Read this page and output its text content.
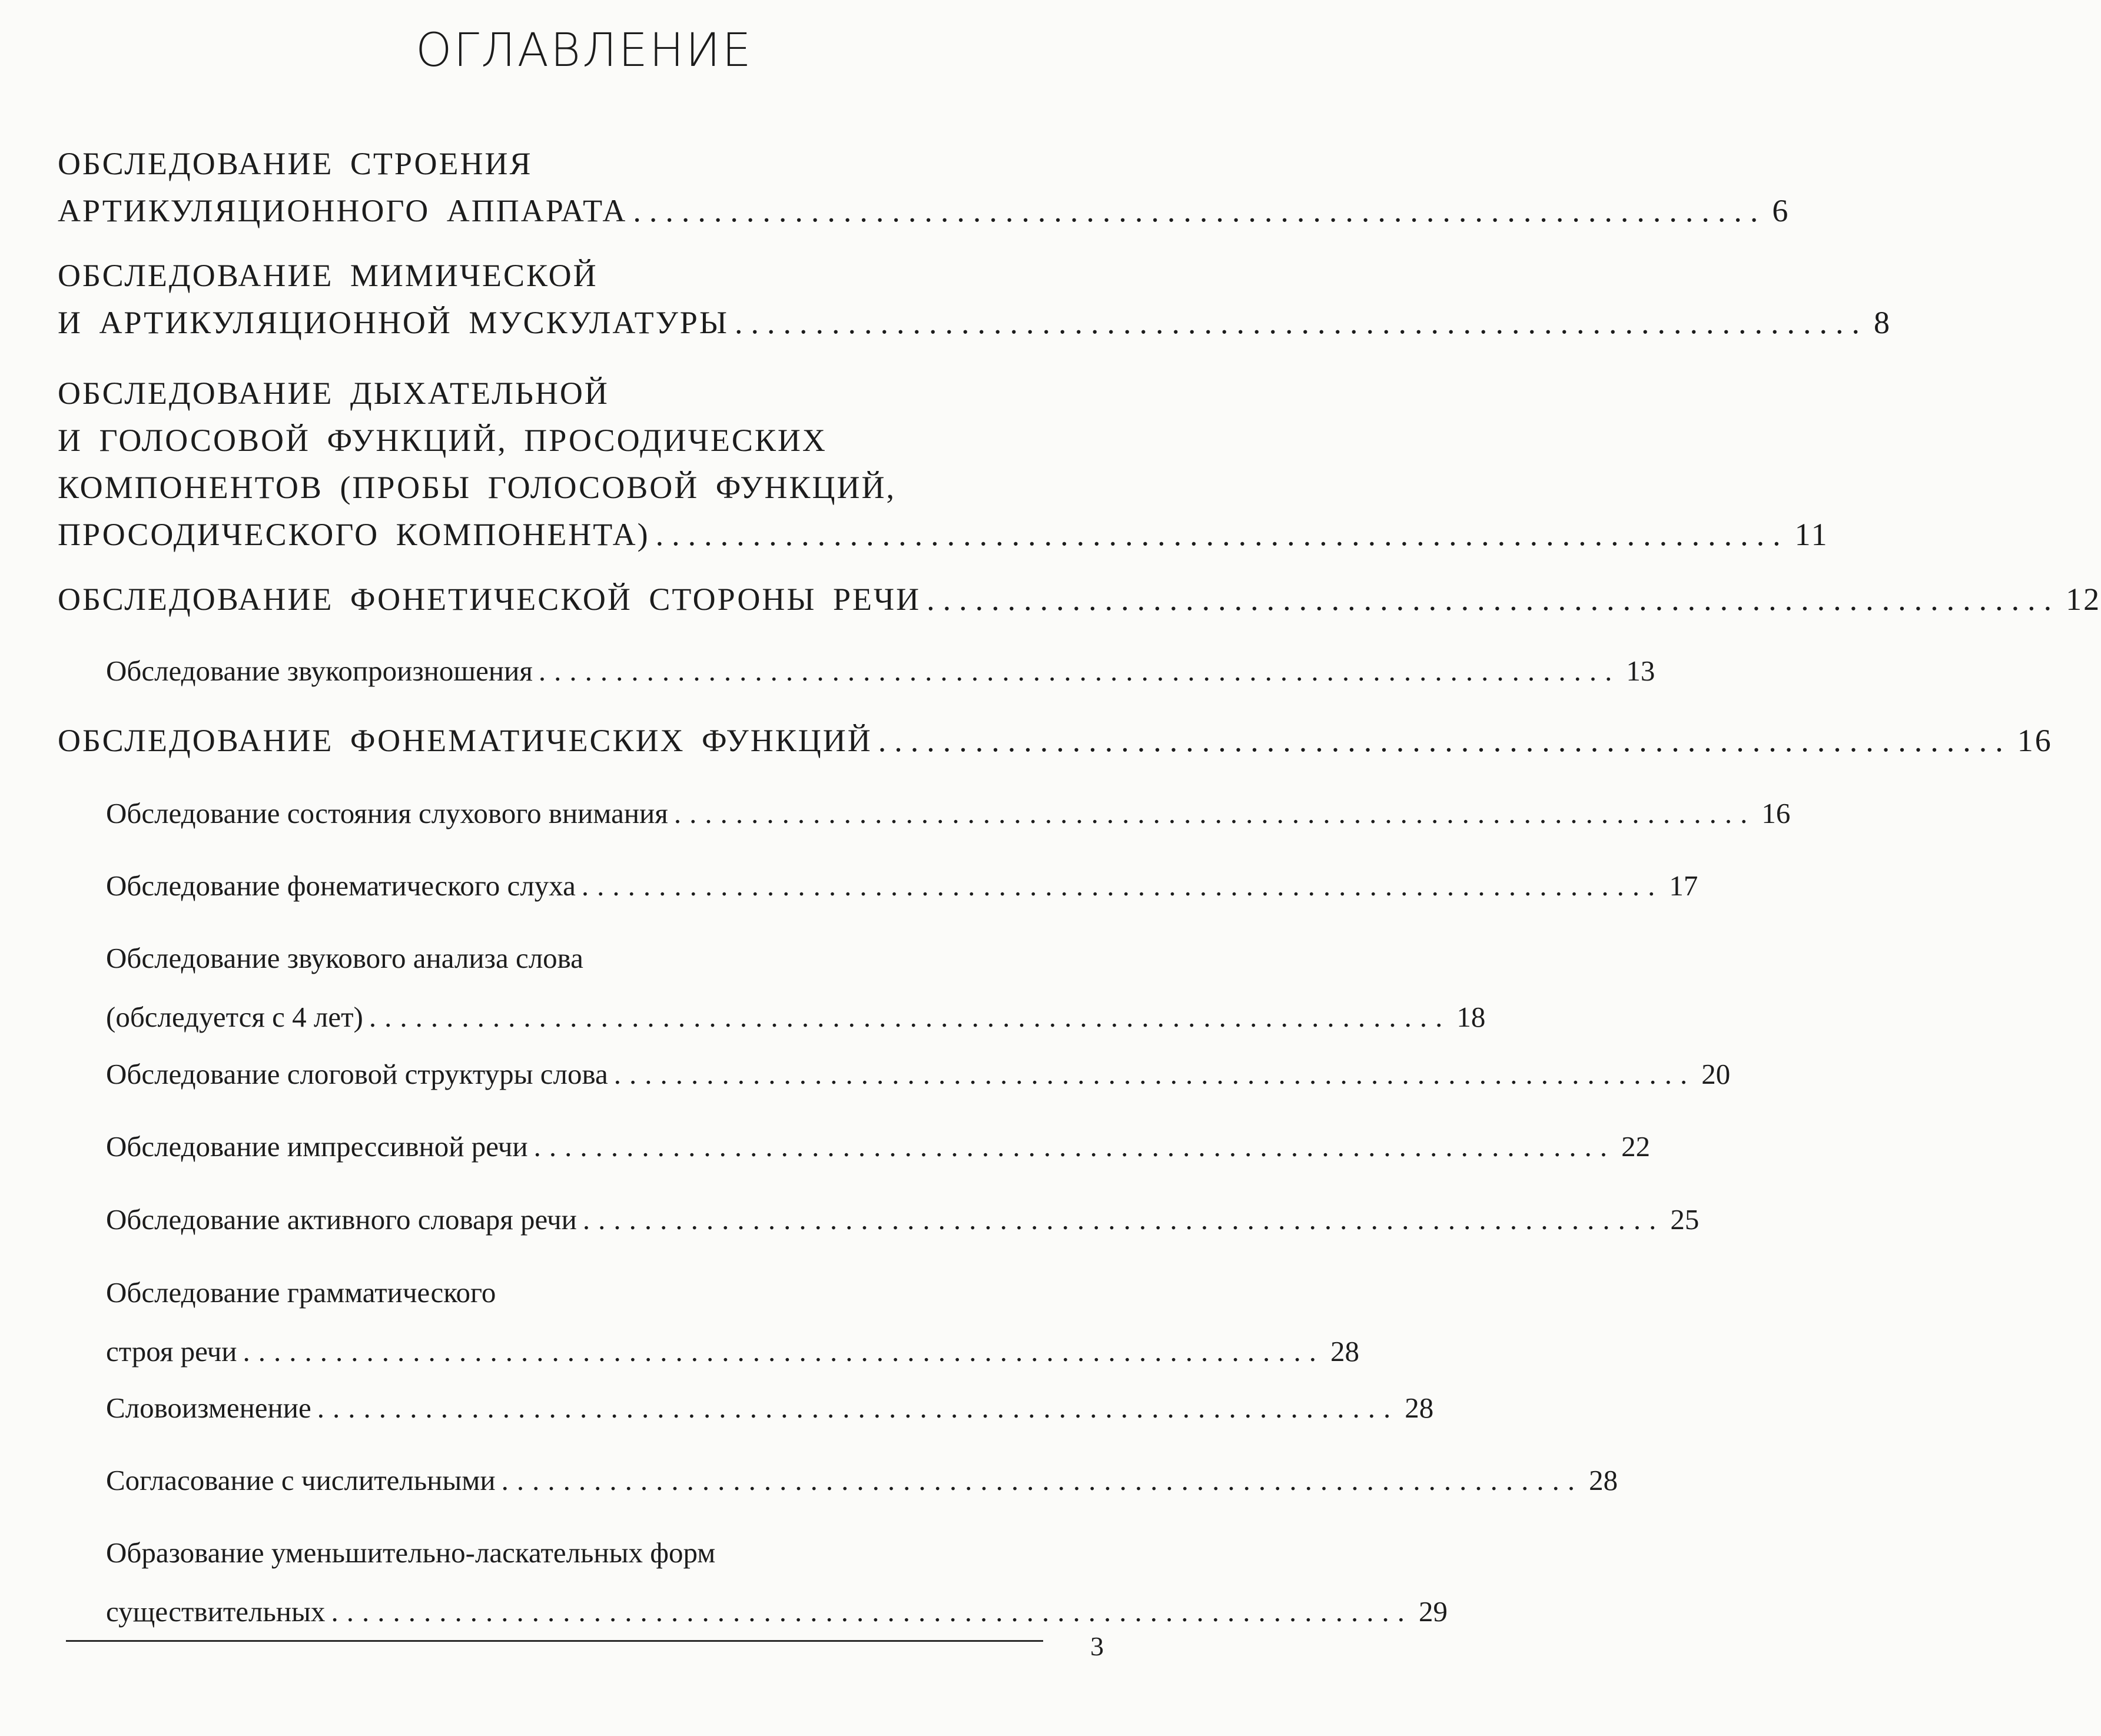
ОГЛАВЛЕНИЕ
ОБСЛЕДОВАНИЕ СТРОЕНИЯ
АРТИКУЛЯЦИОННОГО АППАРАТА ...................................................................... 6
ОБСЛЕДОВАНИЕ МИМИЧЕСКОЙ
И АРТИКУЛЯЦИОННОЙ МУСКУЛАТУРЫ ...................................................................... 8
ОБСЛЕДОВАНИЕ ДЫХАТЕЛЬНОЙ
И ГОЛОСОВОЙ ФУНКЦИЙ, ПРОСОДИЧЕСКИХ
КОМПОНЕНТОВ (ПРОБЫ ГОЛОСОВОЙ ФУНКЦИЙ,
ПРОСОДИЧЕСКОГО КОМПОНЕНТА) ...................................................................... 11
ОБСЛЕДОВАНИЕ ФОНЕТИЧЕСКОЙ СТОРОНЫ РЕЧИ ...................................................................... 12
Обследование звукопроизношения ...................................................................... 13
ОБСЛЕДОВАНИЕ ФОНЕМАТИЧЕСКИХ ФУНКЦИЙ ...................................................................... 16
Обследование состояния слухового внимания ...................................................................... 16
Обследование фонематического слуха ...................................................................... 17
Обследование звукового анализа слова
(обследуется с 4 лет) ...................................................................... 18
Обследование слоговой структуры слова ...................................................................... 20
Обследование импрессивной речи ...................................................................... 22
Обследование активного словаря речи ...................................................................... 25
Обследование грамматического
строя речи ...................................................................... 28
Словоизменение ...................................................................... 28
Согласование с числительными ...................................................................... 28
Образование уменьшительно-ласкательных форм
существительных ...................................................................... 29
3
